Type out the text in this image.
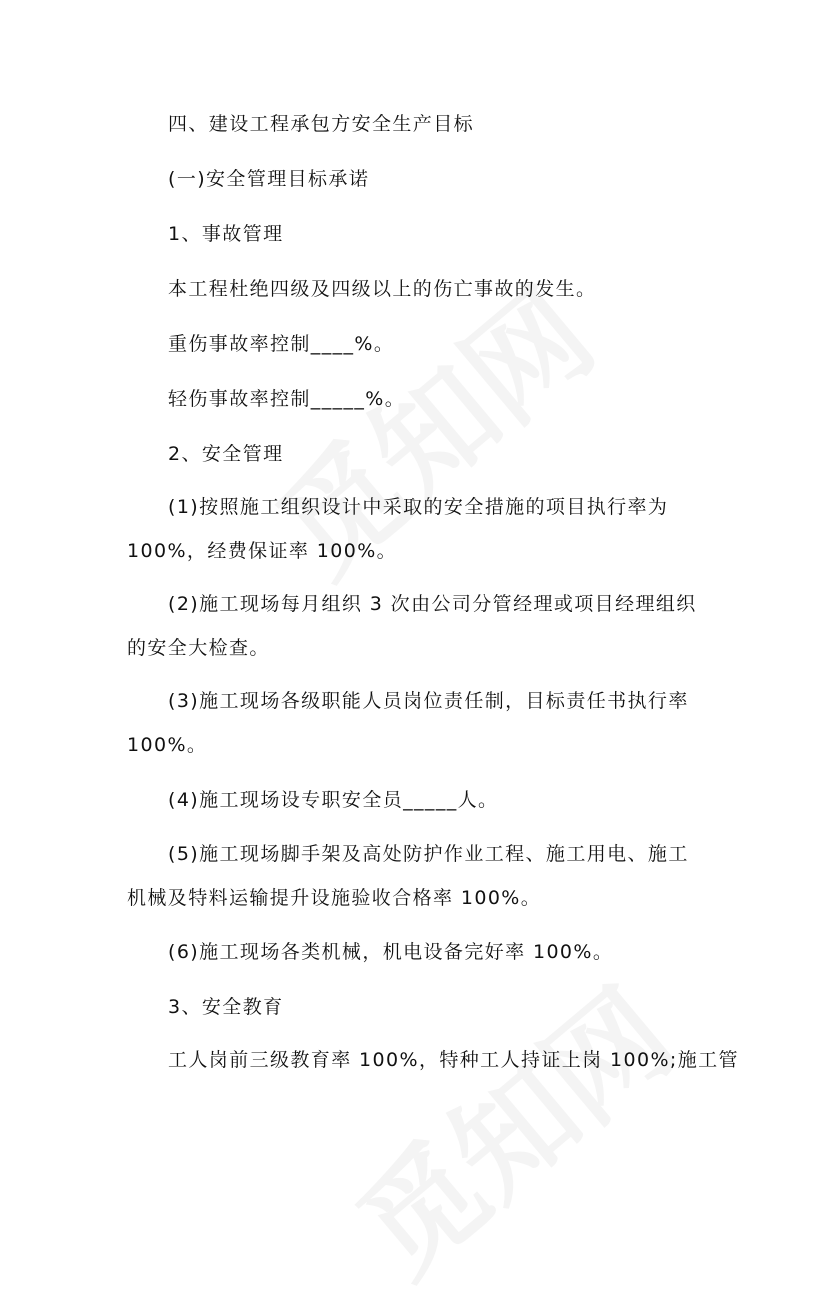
四、建设工程承包方安全生产目标
(一)安全管理目标承诺
1、事故管理
本工程杜绝四级及四级以上的伤亡事故的发生。
重伤事故率控制____%。
轻伤事故率控制_____%。
2、安全管理
(1)按照施工组织设计中采取的安全措施的项目执行率为
100%，经费保证率 100%。
(2)施工现场每月组织 3 次由公司分管经理或项目经理组织
的安全大检查。
(3)施工现场各级职能人员岗位责任制，目标责任书执行率
100%。
(4)施工现场设专职安全员_____人。
(5)施工现场脚手架及高处防护作业工程、施工用电、施工
机械及特料运输提升设施验收合格率 100%。
(6)施工现场各类机械，机电设备完好率 100%。
3、安全教育
工人岗前三级教育率 100%，特种工人持证上岗 100%;施工管
